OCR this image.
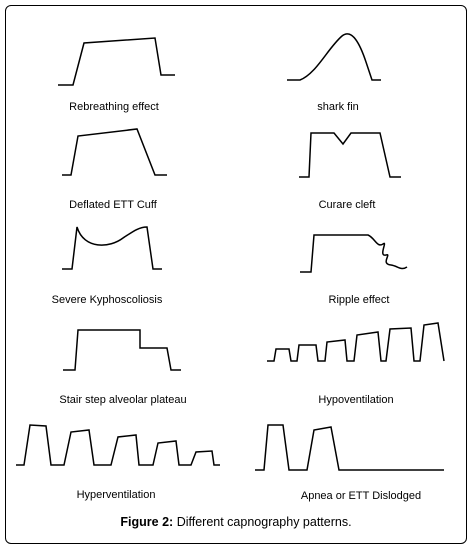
Rebreathing effect	shark fin
Deflated ETT Cuff	Curare cleft
Severe Kyphoscoliosis	Ripple effect
Stair step alveolar plateau	Hypoventilation
Hyperventilation	Apnea or ETT Dislodged
Figure 2: Different capnography patterns.
